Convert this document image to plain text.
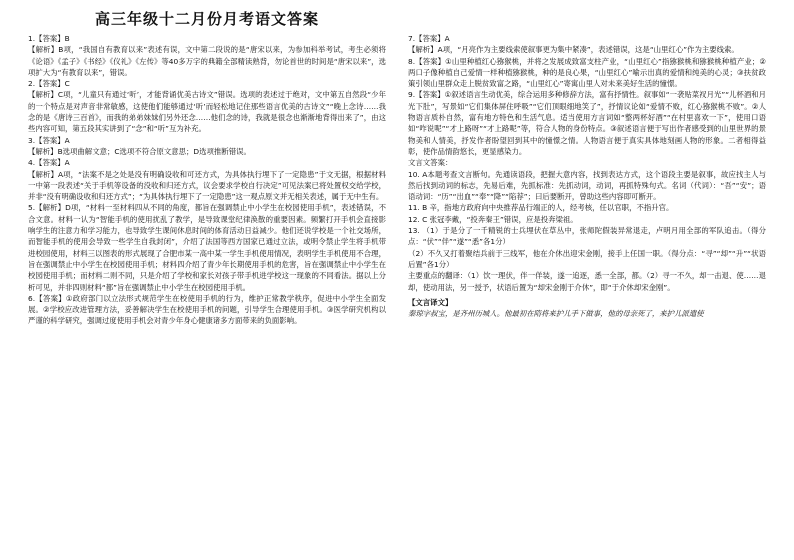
高三年级十二月份月考语文答案

1.【答案】B

【解析】B项，“我国自有教育以来”表述有误，文中第二段说的是“唐宋以来，为参加科举考试，考生必须将《论语》《孟子》《书经》《仪礼》《左传》等40多万字的典籍全部精读熟背，勿论首世的时间是“唐宋以来”，选项扩大为“有教育以来”，错误。

2.【答案】C

【解析】C项，“儿童只有通过‘听’，才能背诵优美古诗文”错误。选项的表述过于绝对，文中第五自然段“少年的一个特点是对声音非常敏感，这使他们能够通过‘听’而轻松地记住那些语言优美的古诗文”“晚上念诗……我念的是《唐诗三百首》，而我的弟弟妹妹们另外还念……他们念的诗，我就是很念也渐渐地背得出来了”，由这些内容可知，第五段其实讲到了“念”和“听”互为补充。

3.【答案】A

【解析】B选项曲解文意；C选项不符合原文意思；D选项推断错误。

4.【答案】A

【解析】A项，“法案不是之处是没有明确设收和可还方式，为具体执行埋下了一定隐患”于文无据，根据材料一中第一段表述“关于手机等设备的没收和归还方式，议会要求学校自行决定”可见法案已将处置权交给学校，并非“没有明确设收和归还方式”；“为具体执行埋下了一定隐患”这一观点原文并无相关表述，属于无中生有。

5.【解析】D项，“材料一至材料四从不同的角度，都旨在强调禁止中小学生在校园使用手机”，表述错误，不合文意。材料一认为“智能手机的使用扰乱了教学，是导致课堂纪律涣散的重要因素。频繁打开手机会直接影响学生的注意力和学习能力，也导致学生课间休息时间的体育活动日益减少。他们还说学校是一个社交场所，而智能手机的使用会导致一些学生自我封闭”，介绍了法国等西方国家已通过立法，或明令禁止学生将手机带进校园使用，材料三以图表的形式展现了合肥市某一高中某一学生手机使用情况，表明学生手机使用不合理，旨在强调禁止中小学生在校园使用手机；材料四介绍了青少年长期使用手机的危害，旨在强调禁止中小学生在校园使用手机；而材料二则不同，只是介绍了学校和家长对孩子带手机进学校这一现象的不同看法。据以上分析可见，并非四则材料“都”旨在强调禁止中小学生在校园使用手机。

6.【答案】①政府部门以立法形式规范学生在校使用手机的行为，维护正常教学秩序，促进中小学生全面发展。②学校应改进管理方法，妥善解决学生在校使用手机的问题，引导学生合理使用手机。③医学研究机构以严谨的科学研究，强调过度使用手机会对青少年身心健康诸多方面带来的负面影响。

7.【答案】A

【解析】A项，“月亮作为主要线索使叙事更为集中紧凑”，表述错误，这是“山里红心”作为主要线索。

8.【答案】①山里种植红心猕猴桃，并将之发展成致富支柱产业，“山里红心”指猕猴桃和猕猴桃种植产业；②两口子像种植自己爱情一样种植猕猴桃，种的是良心果，“山里红心”喻示出真的爱情和纯美的心灵；③扶贫政策引领山里群众走上脱贫致富之路，“山里红心”寄寓山里人对未来美好生活的憧憬。

9.【答案】①叙述语言生动优美，综合运用多种修辞方法，富有抒情性。叙事如“一袭贴菜衩月光”“儿杯酒和月光下肚”，写景如“它们集体屏住呼吸”“它们顶眼细地笑了”，抒情议论如“爱情不败，红心猕猴桃不败”。②人物语言质朴自然，富有地方特色和生活气息。适当使用方言词如“整两杯好酒”“在村里喜欢一下”，使用口语如“咋说呢”“才上路呀”“才上路呢”等，符合人物的身份特点。③叙述语言便于写出作者感受到的山里世界的景物美和人情美，抒发作者盼望回到其中的憧憬之情。人物语言便于真实具体地刻画人物的形象。二者相得益彰，使作品情韵悠长，更显感染力。

文言文答案：

10. A本题考查文言断句。先通读语段，把握大意内容，找到表达方式，这个语段主要是叙事，故应找主人与 然后找到动词的标志，先易后难，先抓标准：先抓动词，动词，再抓特殊句式。名词（代词）：“吾”“安”；语语动词：“历”“出血”“奉”“降”“陷荐”；曰后要断开，曾助这些内容即可断开。

11. B 辛，指地方政府向中央推荐品行端正的人，经考核，任以官职，不指升官。

12. C 张冠李戴，“投奔秦王”错误，应是投奔梁祖。

13. （1）于是分了一千精锐的士兵埋伏在草丛中，张师陀假装异常退走，卢明月用全部的军队追击。（得分点：“伏”“伴”“遂”“悉”各1分）

（2）不久又打着聚结兵前于三线军，他在介休出迎宋金刚，接手上任国一职。（得分点：“寻”“却”“升”“状语后置”各1分）

主要重点的翻译：（1）饮一理伏，伴一佯装，遂一追逐，悉一全部，都。（2）寻一不久，却一击退、使……退却，使动用法，另一授予，状语后置为“却宋金刚于介休”，即“于介休却宋金刚”。

【文言译文】

秦琼字叔宝，是齐州历城人。他最初在隋将来护儿手下做事，他的母亲死了，来护儿派遣使
